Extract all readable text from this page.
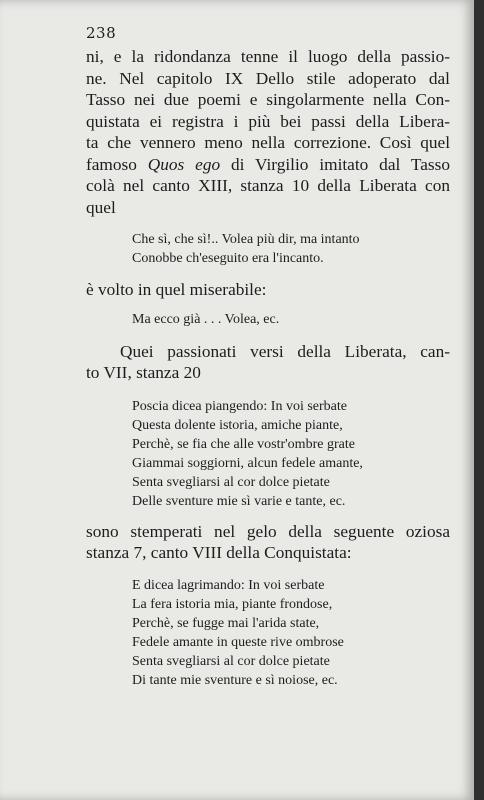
238

ni, e la ridondanza tenne il luogo della passio-
ne. Nel capitolo IX Dello stile adoperato dal
Tasso nei due poemi e singolarmente nella Con-
quistata ei registra i più bei passi della Libera-
ta che vennero meno nella correzione. Così quel
famoso Quos ego di Virgilio imitato dal Tasso
colà nel canto XIII, stanza 10 della Liberata con
quel

Che sì, che sì!.. Volea più dir, ma intanto
Conobbe ch'eseguito era l'incanto.

è volto in quel miserabile:

Ma ecco già . . . Volea, ec.

Quei passionati versi della Liberata, can-
to VII, stanza 20

Poscia dicea piangendo: In voi serbate
Questa dolente istoria, amiche piante,
Perchè, se fia che alle vostr'ombre grate
Giammai soggiorni, alcun fedele amante,
Senta svegliarsi al cor dolce pietate
Delle sventure mie sì varie e tante, ec.

sono stemperati nel gelo della seguente oziosa
stanza 7, canto VIII della Conquistata:

E dicea lagrimando: In voi serbate
La fera istoria mia, piante frondose,
Perchè, se fugge mai l'arida state,
Fedele amante in queste rive ombrose
Senta svegliarsi al cor dolce pietate
Di tante mie sventure e sì noiose, ec.
